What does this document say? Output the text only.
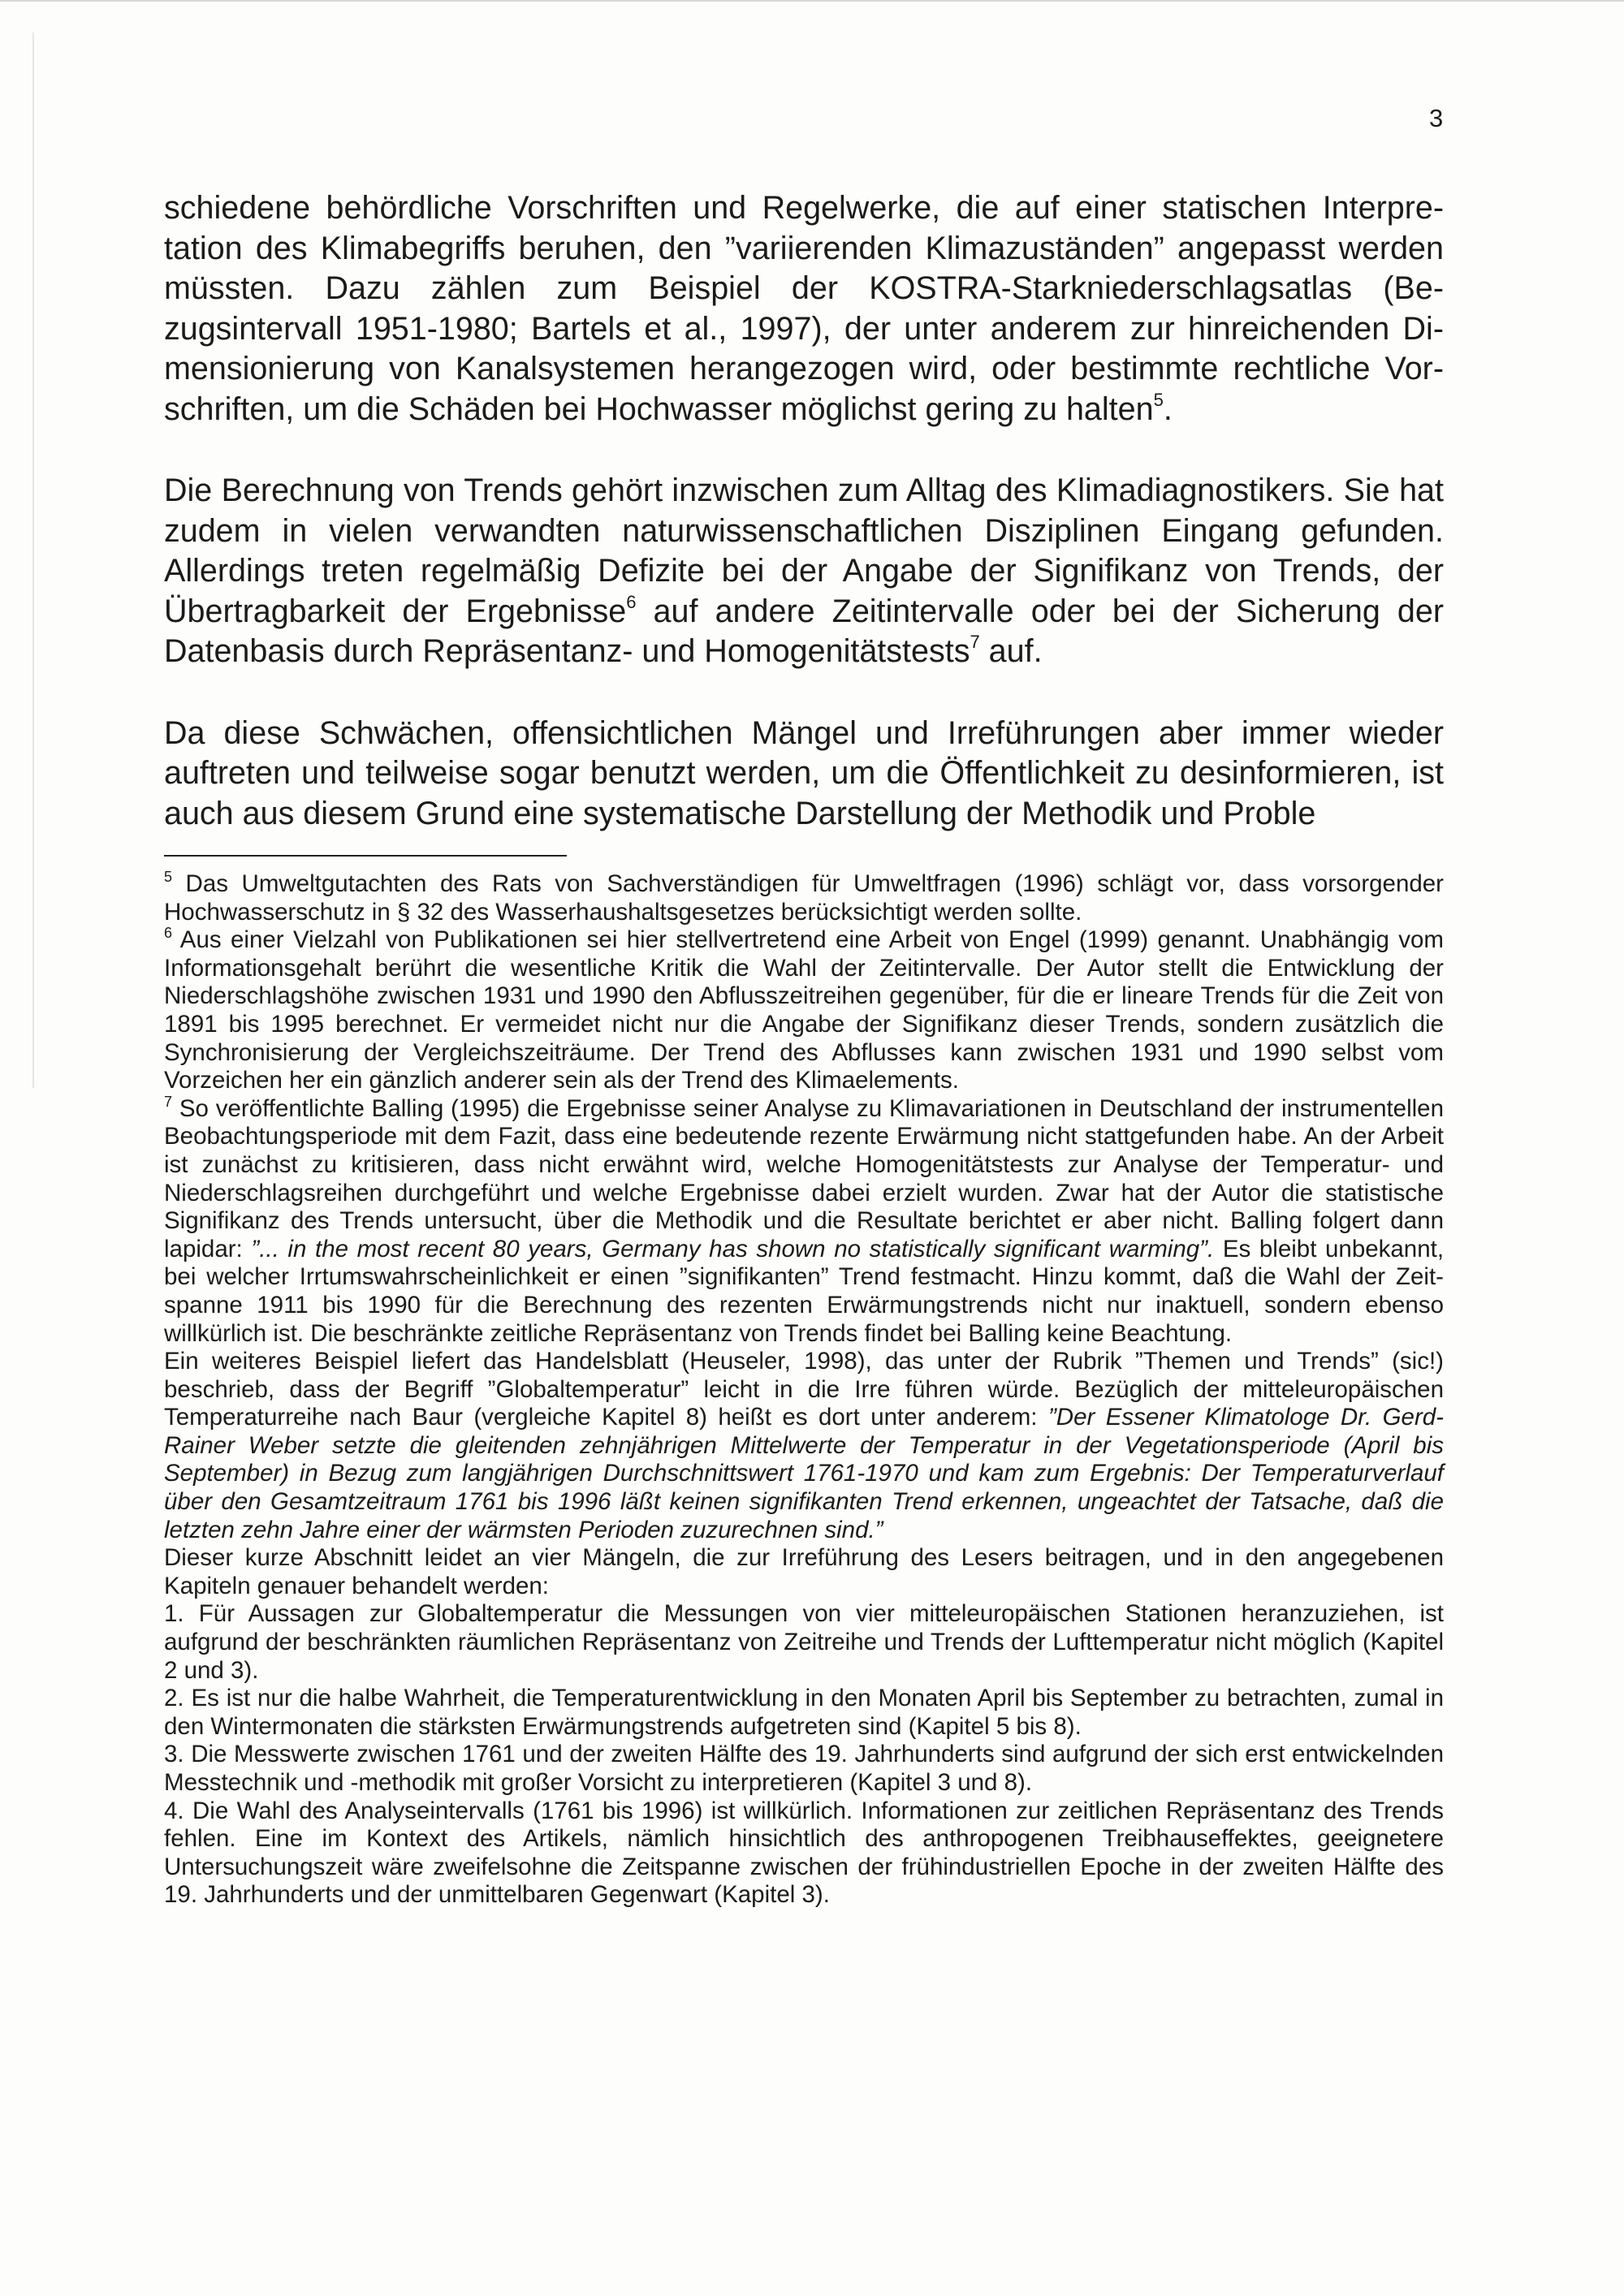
3

schiedene behördliche Vorschriften und Regelwerke, die auf einer statischen Interpretation des Klimabegriffs beruhen, den ”variierenden Klimazuständen” angepasst werden müssten. Dazu zählen zum Beispiel der KOSTRA-Starkniederschlagsatlas (Bezugsintervall 1951-1980; Bartels et al., 1997), der unter anderem zur hinreichenden Dimensionierung von Kanalsystemen herangezogen wird, oder bestimmte rechtliche Vorschriften, um die Schäden bei Hochwasser möglichst gering zu halten$^5$.

Die Berechnung von Trends gehört inzwischen zum Alltag des Klimadiagnostikers. Sie hat zudem in vielen verwandten naturwissenschaftlichen Disziplinen Eingang gefunden. Allerdings treten regelmäßig Defizite bei der Angabe der Signifikanz von Trends, der Übertragbarkeit der Ergebnisse$^6$ auf andere Zeitintervalle oder bei der Sicherung der Datenbasis durch Repräsentanz- und Homogenitätstests$^7$ auf.

Da diese Schwächen, offensichtlichen Mängel und Irreführungen aber immer wieder auftreten und teilweise sogar benutzt werden, um die Öffentlichkeit zu desinformieren, ist auch aus diesem Grund eine systematische Darstellung der Methodik und Proble

$^5$ Das Umweltgutachten des Rats von Sachverständigen für Umweltfragen (1996) schlägt vor, dass vorsorgender Hochwasserschutz in § 32 des Wasserhaushaltsgesetzes berücksichtigt werden sollte.

$^6$ Aus einer Vielzahl von Publikationen sei hier stellvertretend eine Arbeit von Engel (1999) genannt. Unabhängig vom Informationsgehalt berührt die wesentliche Kritik die Wahl der Zeitintervalle. Der Autor stellt die Entwicklung der Niederschlagshöhe zwischen 1931 und 1990 den Abflusszeitreihen gegenüber, für die er lineare Trends für die Zeit von 1891 bis 1995 berechnet. Er vermeidet nicht nur die Angabe der Signifikanz dieser Trends, sondern zusätzlich die Synchronisierung der Vergleichszeiträume. Der Trend des Abflusses kann zwischen 1931 und 1990 selbst vom Vorzeichen her ein gänzlich anderer sein als der Trend des Klimaelements.

$^7$ So veröffentlichte Balling (1995) die Ergebnisse seiner Analyse zu Klimavariationen in Deutschland der instrumentellen Beobachtungsperiode mit dem Fazit, dass eine bedeutende rezente Erwärmung nicht stattgefunden habe. An der Arbeit ist zunächst zu kritisieren, dass nicht erwähnt wird, welche Homogenitätstests zur Analyse der Temperatur- und Niederschlagsreihen durchgeführt und welche Ergebnisse dabei erzielt wurden. Zwar hat der Autor die statistische Signifikanz des Trends untersucht, über die Methodik und die Resultate berichtet er aber nicht. Balling folgert dann lapidar: ”... in the most recent 80 years, Germany has shown no statistically significant warming”. Es bleibt unbekannt, bei welcher Irrtumswahrscheinlichkeit er einen ”signifikanten” Trend festmacht. Hinzu kommt, daß die Wahl der Zeitspanne 1911 bis 1990 für die Berechnung des rezenten Erwärmungstrends nicht nur inaktuell, sondern ebenso willkürlich ist. Die beschränkte zeitliche Repräsentanz von Trends findet bei Balling keine Beachtung.

Ein weiteres Beispiel liefert das Handelsblatt (Heuseler, 1998), das unter der Rubrik ”Themen und Trends” (sic!) beschrieb, dass der Begriff ”Globaltemperatur” leicht in die Irre führen würde. Bezüglich der mitteleuropäischen Temperaturreihe nach Baur (vergleiche Kapitel 8) heißt es dort unter anderem: ”Der Essener Klimatologe Dr. Gerd-Rainer Weber setzte die gleitenden zehnjährigen Mittelwerte der Temperatur in der Vegetationsperiode (April bis September) in Bezug zum langjährigen Durchschnittswert 1761-1970 und kam zum Ergebnis: Der Temperaturverlauf über den Gesamtzeitraum 1761 bis 1996 läßt keinen signifikanten Trend erkennen, ungeachtet der Tatsache, daß die letzten zehn Jahre einer der wärmsten Perioden zuzurechnen sind.”

Dieser kurze Abschnitt leidet an vier Mängeln, die zur Irreführung des Lesers beitragen, und in den angegebenen Kapiteln genauer behandelt werden:

1. Für Aussagen zur Globaltemperatur die Messungen von vier mitteleuropäischen Stationen heranzuziehen, ist aufgrund der beschränkten räumlichen Repräsentanz von Zeitreihe und Trends der Lufttemperatur nicht möglich (Kapitel 2 und 3).

2. Es ist nur die halbe Wahrheit, die Temperaturentwicklung in den Monaten April bis September zu betrachten, zumal in den Wintermonaten die stärksten Erwärmungstrends aufgetreten sind (Kapitel 5 bis 8).

3. Die Messwerte zwischen 1761 und der zweiten Hälfte des 19. Jahrhunderts sind aufgrund der sich erst entwickelnden Messtechnik und -methodik mit großer Vorsicht zu interpretieren (Kapitel 3 und 8).

4. Die Wahl des Analyseintervalls (1761 bis 1996) ist willkürlich. Informationen zur zeitlichen Repräsentanz des Trends fehlen. Eine im Kontext des Artikels, nämlich hinsichtlich des anthropogenen Treibhauseffektes, geeignetere Untersuchungszeit wäre zweifelsohne die Zeitspanne zwischen der frühindustriellen Epoche in der zweiten Hälfte des 19. Jahrhunderts und der unmittelbaren Gegenwart (Kapitel 3).
